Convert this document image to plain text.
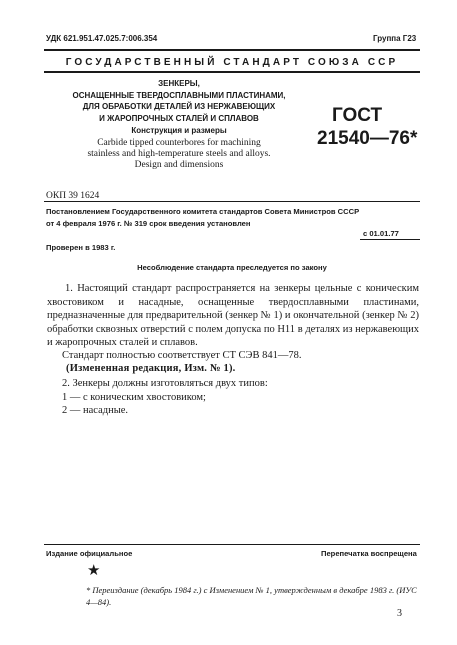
УДК 621.951.47.025.7:006.354	Группа Г23
ГОСУДАРСТВЕННЫЙ СТАНДАРТ СОЮЗА ССР
ЗЕНКЕРЫ,
ОСНАЩЕННЫЕ ТВЕРДОСПЛАВНЫМИ ПЛАСТИНАМИ,
ДЛЯ ОБРАБОТКИ ДЕТАЛЕЙ ИЗ НЕРЖАВЕЮЩИХ
И ЖАРОПРОЧНЫХ СТАЛЕЙ И СПЛАВОВ
Конструкция и размеры
Carbide tipped counterbores for machining
stainless and high-temperature steels and alloys.
Design and dimensions
ОКП 39 1624
ГОСТ
21540—76*
Постановлением Государственного комитета стандартов Совета Министров СССР
от 4 февраля 1976 г. № 319 срок введения установлен
с 01.01.77
Проверен в 1983 г.
Несоблюдение стандарта преследуется по закону
1. Настоящий стандарт распространяется на зенкеры цельные с коническим хвостовиком и насадные, оснащенные твердосплавными пластинами, предназначенные для предварительной (зенкер № 1) и окончательной (зенкер № 2) обработки сквозных отверстий с полем допуска по Н11 в деталях из нержавеющих и жаропрочных сталей и сплавов.
Стандарт полностью соответствует СТ СЭВ 841—78.
(Измененная редакция, Изм. № 1).
2. Зенкеры должны изготовляться двух типов:
1 — с коническим хвостовиком;
2 — насадные.
Издание официальное	Перепечатка воспрещена
★
* Переиздание (декабрь 1984 г.) с Изменением № 1, утвержденным в декабре 1983 г. (ИУС 4—84).
3
